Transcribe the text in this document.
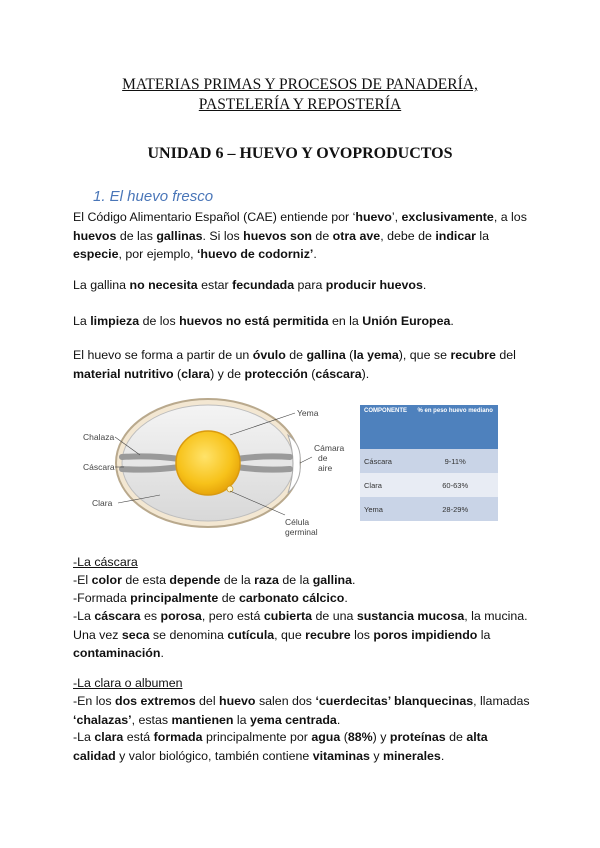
MATERIAS PRIMAS Y PROCESOS DE PANADERÍA,
PASTELERÍA Y REPOSTERÍA
UNIDAD 6 – HUEVO Y OVOPRODUCTOS
1. El huevo fresco
El Código Alimentario Español (CAE) entiende por ‘huevo’, exclusivamente, a los huevos de las gallinas. Si los huevos son de otra ave, debe de indicar la especie, por ejemplo, ‘huevo de codorniz’.
La gallina no necesita estar fecundada para producir huevos.
La limpieza de los huevos no está permitida en la Unión Europea.
El huevo se forma a partir de un óvulo de gallina (la yema), que se recubre del material nutritivo (clara) y de protección (cáscara).
Yema
Chalaza
Cáscara
Clara
Cámara
de
aire
Célula
germinal
COMPONENTE	% en peso huevo mediano
Cáscara	9-11%
Clara	60-63%
Yema	28-29%
-La cáscara
-El color de esta depende de la raza de la gallina.
-Formada principalmente de carbonato cálcico.
-La cáscara es porosa, pero está cubierta de una sustancia mucosa, la mucina. Una vez seca se denomina cutícula, que recubre los poros impidiendo la contaminación.
-La clara o albumen
-En los dos extremos del huevo salen dos ‘cuerdecitas’ blanquecinas, llamadas ‘chalazas’, estas mantienen la yema centrada.
-La clara está formada principalmente por agua (88%) y proteínas de alta calidad y valor biológico, también contiene vitaminas y minerales.
